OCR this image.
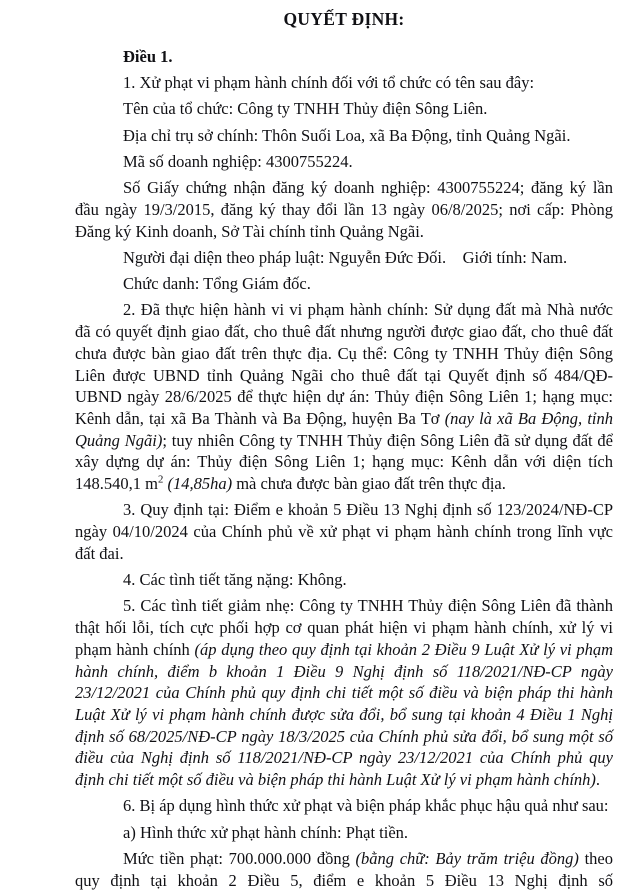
QUYẾT ĐỊNH:

Điều 1.

1. Xử phạt vi phạm hành chính đối với tổ chức có tên sau đây:

Tên của tổ chức: Công ty TNHH Thủy điện Sông Liên.

Địa chỉ trụ sở chính: Thôn Suối Loa, xã Ba Động, tỉnh Quảng Ngãi.

Mã số doanh nghiệp: 4300755224.

Số Giấy chứng nhận đăng ký doanh nghiệp: 4300755224; đăng ký lần đầu ngày 19/3/2015, đăng ký thay đổi lần 13 ngày 06/8/2025; nơi cấp: Phòng Đăng ký Kinh doanh, Sở Tài chính tỉnh Quảng Ngãi.

Người đại diện theo pháp luật: Nguyễn Đức Đối.    Giới tính: Nam.

Chức danh: Tổng Giám đốc.

2. Đã thực hiện hành vi vi phạm hành chính: Sử dụng đất mà Nhà nước đã có quyết định giao đất, cho thuê đất nhưng người được giao đất, cho thuê đất chưa được bàn giao đất trên thực địa. Cụ thể: Công ty TNHH Thủy điện Sông Liên được UBND tỉnh Quảng Ngãi cho thuê đất tại Quyết định số 484/QĐ-UBND ngày 28/6/2025 để thực hiện dự án: Thủy điện Sông Liên 1; hạng mục: Kênh dẫn, tại xã Ba Thành và Ba Động, huyện Ba Tơ (nay là xã Ba Động, tỉnh Quảng Ngãi); tuy nhiên Công ty TNHH Thủy điện Sông Liên đã sử dụng đất để xây dựng dự án: Thủy điện Sông Liên 1; hạng mục: Kênh dẫn với diện tích 148.540,1 $m^2$ (14,85ha) mà chưa được bàn giao đất trên thực địa.

3. Quy định tại: Điểm e khoản 5 Điều 13 Nghị định số 123/2024/NĐ-CP ngày 04/10/2024 của Chính phủ về xử phạt vi phạm hành chính trong lĩnh vực đất đai.

4. Các tình tiết tăng nặng: Không.

5. Các tình tiết giảm nhẹ: Công ty TNHH Thủy điện Sông Liên đã thành thật hối lỗi, tích cực phối hợp cơ quan phát hiện vi phạm hành chính, xử lý vi phạm hành chính (áp dụng theo quy định tại khoản 2 Điều 9 Luật Xử lý vi phạm hành chính, điểm b khoản 1 Điều 9 Nghị định số 118/2021/NĐ-CP ngày 23/12/2021 của Chính phủ quy định chi tiết một số điều và biện pháp thi hành Luật Xử lý vi phạm hành chính được sửa đổi, bổ sung tại khoản 4 Điều 1 Nghị định số 68/2025/NĐ-CP ngày 18/3/2025 của Chính phủ sửa đổi, bổ sung một số điều của Nghị định số 118/2021/NĐ-CP ngày 23/12/2021 của Chính phủ quy định chi tiết một số điều và biện pháp thi hành Luật Xử lý vi phạm hành chính).

6. Bị áp dụng hình thức xử phạt và biện pháp khắc phục hậu quả như sau:

a) Hình thức xử phạt hành chính: Phạt tiền.

Mức tiền phạt: 700.000.000 đồng (bằng chữ: Bảy trăm triệu đồng) theo quy định tại khoản 2 Điều 5, điểm e khoản 5 Điều 13 Nghị định số
